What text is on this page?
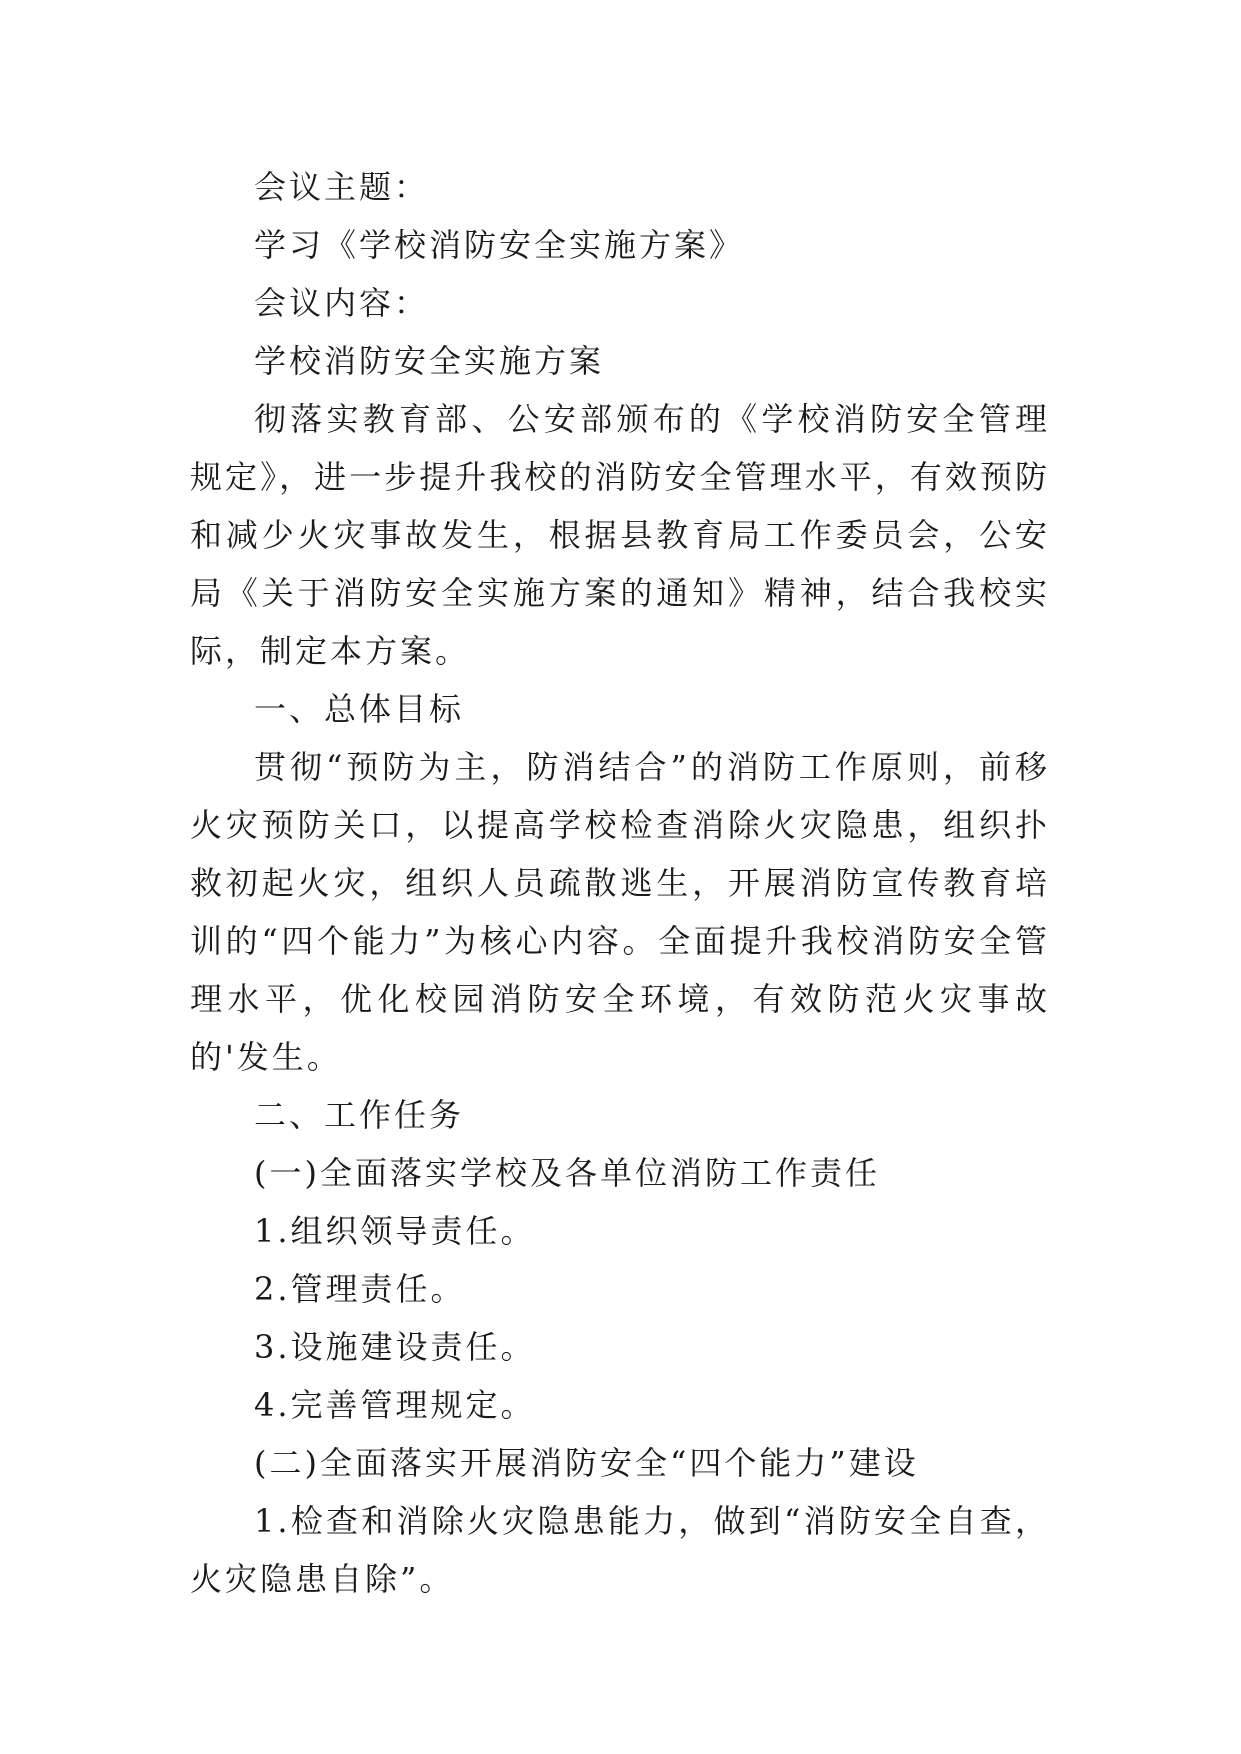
会议主题：

学习《学校消防安全实施方案》

会议内容：

学校消防安全实施方案

彻落实教育部、公安部颁布的《学校消防安全管理规定》，进一步提升我校的消防安全管理水平，有效预防和减少火灾事故发生，根据县教育局工作委员会，公安局《关于消防安全实施方案的通知》精神，结合我校实际，制定本方案。

一、总体目标

贯彻“预防为主，防消结合”的消防工作原则，前移火灾预防关口，以提高学校检查消除火灾隐患，组织扑救初起火灾，组织人员疏散逃生，开展消防宣传教育培训的“四个能力”为核心内容。全面提升我校消防安全管理水平，优化校园消防安全环境，有效防范火灾事故的'发生。

二、工作任务

(一)全面落实学校及各单位消防工作责任

1.组织领导责任。

2.管理责任。

3.设施建设责任。

4.完善管理规定。

(二)全面落实开展消防安全“四个能力”建设

1.检查和消除火灾隐患能力，做到“消防安全自查，火灾隐患自除”。
